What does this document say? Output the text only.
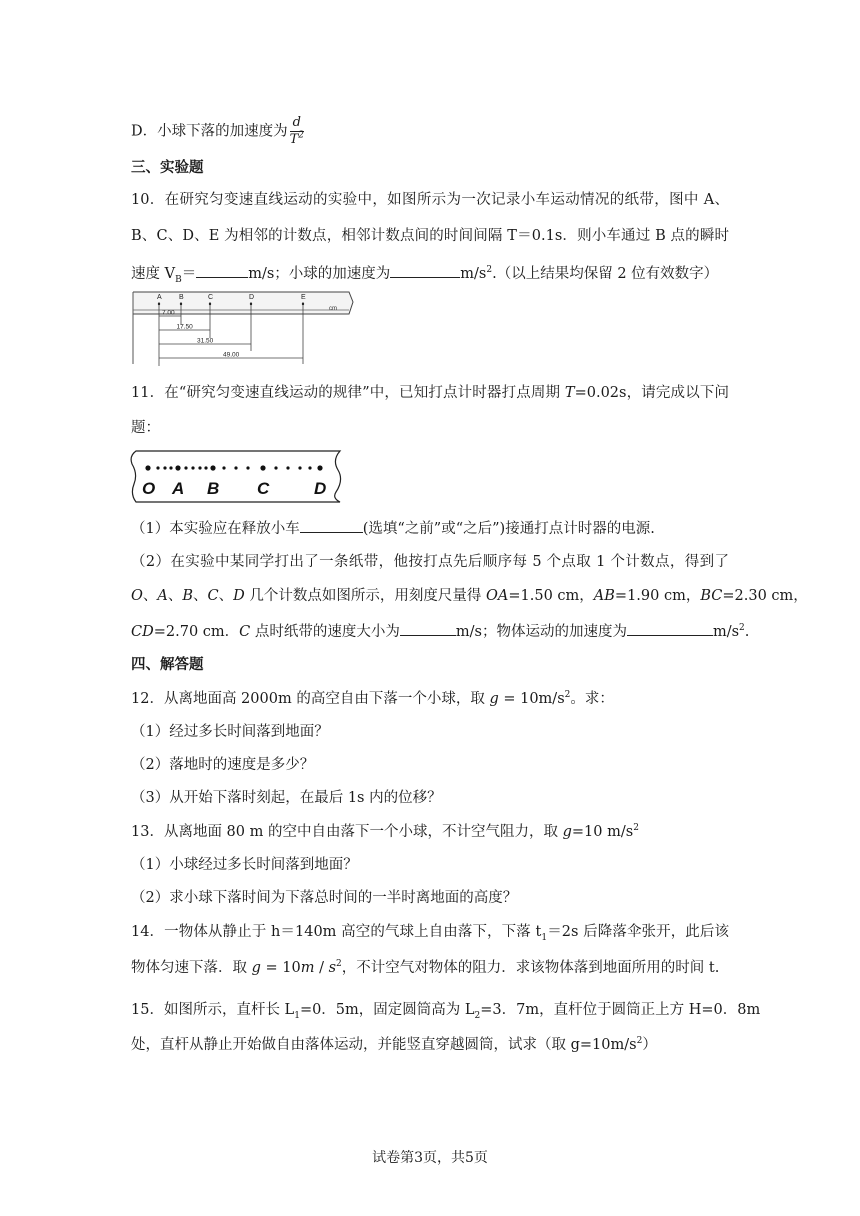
D．小球下落的加速度为 $\frac{d}{T^2}$
三、实验题
10．在研究匀变速直线运动的实验中，如图所示为一次记录小车运动情况的纸带，图中 A、
B、C、D、E 为相邻的计数点，相邻计数点间的时间间隔 T＝0.1s．则小车通过 B 点的瞬时
速度 $V_B=$	m/s；小球的加速度为	$m/s^2$.（以上结果均保留 2 位有效数字）
A B	C	D	E
cm
7.00
17.50
31.50
49.00
11．在“研究匀变速直线运动的规律”中，已知打点计时器打点周期 T=0.02s，请完成以下问
题：
O A B C	D
（1）本实验应在释放小车	(选填“之前”或“之后”)接通打点计时器的电源.
（2）在实验中某同学打出了一条纸带，他按打点先后顺序每 5 个点取 1 个计数点，得到了
O、A、B、C、D 几个计数点如图所示，用刻度尺量得 OA=1.50 cm，AB=1.90 cm，BC=2.30 cm，
CD=2.70 cm．C 点时纸带的速度大小为	m/s；物体运动的加速度为	$m/s^2$.
四、解答题
12．从离地面高 2000m 的高空自由下落一个小球，取 $g = 10m/s^2$。求：
（1）经过多长时间落到地面？
（2）落地时的速度是多少？
（3）从开始下落时刻起，在最后 1s 内的位移？
13．从离地面 80 m 的空中自由落下一个小球，不计空气阻力，取 g=10 $m/s^2$
（1）小球经过多长时间落到地面？
（2）求小球下落时间为下落总时间的一半时离地面的高度？
14．一物体从静止于 h＝140m 高空的气球上自由落下，下落 $t_1=2s$ 后降落伞张开，此后该
物体匀速下落．取 $g = 10m / s^2$，不计空气对物体的阻力．求该物体落到地面所用的时间 t.
15．如图所示，直杆长 $L_1=0$．5m，固定圆筒高为 $L_2=3$．7m，直杆位于圆筒正上方 H=0．8m
处，直杆从静止开始做自由落体运动，并能竖直穿越圆筒，试求（取 $g=10m/s^2$）
试卷第3页，共5页
